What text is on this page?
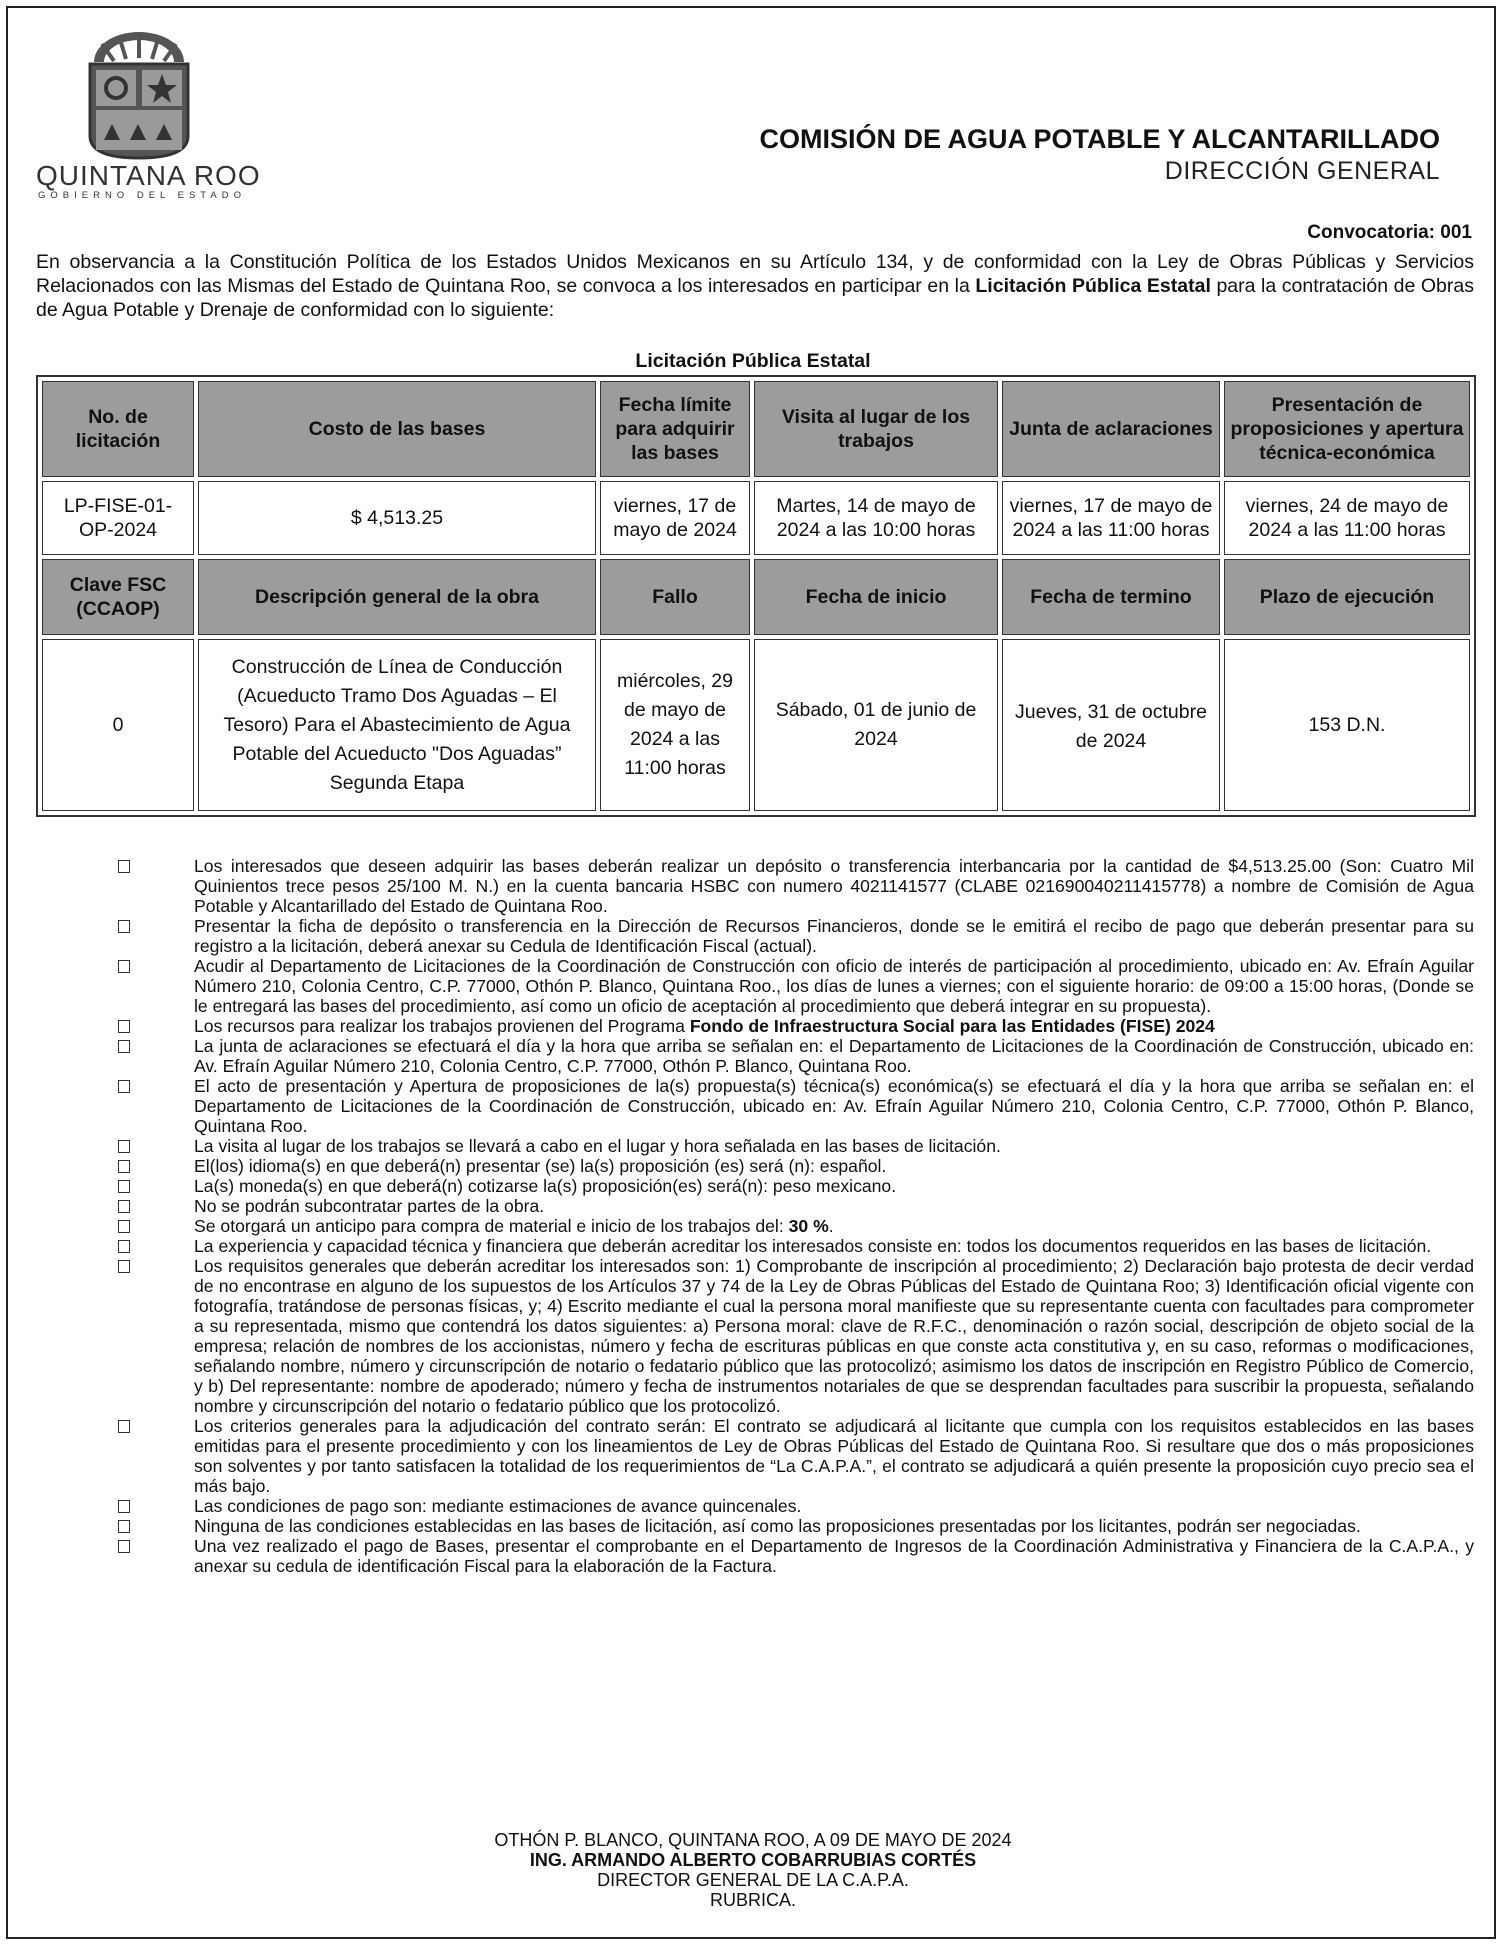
QUINTANA ROO
GOBIERNO DEL ESTADO
COMISIÓN DE AGUA POTABLE Y ALCANTARILLADO
DIRECCIÓN GENERAL
Convocatoria: 001
En observancia a la Constitución Política de los Estados Unidos Mexicanos en su Artículo 134, y de conformidad con la Ley de Obras Públicas y Servicios Relacionados con las Mismas del Estado de Quintana Roo, se convoca a los interesados en participar en la Licitación Pública Estatal para la contratación de Obras de Agua Potable y Drenaje de conformidad con lo siguiente:
Licitación Pública Estatal
No. de licitación	Costo de las bases	Fecha límite para adquirir las bases	Visita al lugar de los trabajos	Junta de aclaraciones	Presentación de proposiciones y apertura técnica-económica
LP-FISE-01-OP-2024	$ 4,513.25	viernes, 17 de mayo de 2024	Martes, 14 de mayo de 2024 a las 10:00 horas	viernes, 17 de mayo de 2024 a las 11:00 horas	viernes, 24 de mayo de 2024 a las 11:00 horas
Clave FSC (CCAOP)	Descripción general de la obra	Fallo	Fecha de inicio	Fecha de termino	Plazo de ejecución
0	Construcción de Línea de Conducción (Acueducto Tramo Dos Aguadas – El Tesoro) Para el Abastecimiento de Agua Potable del Acueducto "Dos Aguadas” Segunda Etapa	miércoles, 29 de mayo de 2024 a las 11:00 horas	Sábado, 01 de junio de 2024	Jueves, 31 de octubre de 2024	153 D.N.
Los interesados que deseen adquirir las bases deberán realizar un depósito o transferencia interbancaria por la cantidad de $4,513.25.00 (Son: Cuatro Mil Quinientos trece pesos 25/100 M. N.) en la cuenta bancaria HSBC con numero 4021141577 (CLABE 021690040211415778) a nombre de Comisión de Agua Potable y Alcantarillado del Estado de Quintana Roo.
Presentar la ficha de depósito o transferencia en la Dirección de Recursos Financieros, donde se le emitirá el recibo de pago que deberán presentar para su registro a la licitación, deberá anexar su Cedula de Identificación Fiscal (actual).
Acudir al Departamento de Licitaciones de la Coordinación de Construcción con oficio de interés de participación al procedimiento, ubicado en: Av. Efraín Aguilar Número 210, Colonia Centro, C.P. 77000, Othón P. Blanco, Quintana Roo., los días de lunes a viernes; con el siguiente horario: de 09:00 a 15:00 horas, (Donde se le entregará las bases del procedimiento, así como un oficio de aceptación al procedimiento que deberá integrar en su propuesta).
Los recursos para realizar los trabajos provienen del Programa Fondo de Infraestructura Social para las Entidades (FISE) 2024
La junta de aclaraciones se efectuará el día y la hora que arriba se señalan en: el Departamento de Licitaciones de la Coordinación de Construcción, ubicado en: Av. Efraín Aguilar Número 210, Colonia Centro, C.P. 77000, Othón P. Blanco, Quintana Roo.
El acto de presentación y Apertura de proposiciones de la(s) propuesta(s) técnica(s) económica(s) se efectuará el día y la hora que arriba se señalan en: el Departamento de Licitaciones de la Coordinación de Construcción, ubicado en: Av. Efraín Aguilar Número 210, Colonia Centro, C.P. 77000, Othón P. Blanco, Quintana Roo.
La visita al lugar de los trabajos se llevará a cabo en el lugar y hora señalada en las bases de licitación.
El(los) idioma(s) en que deberá(n) presentar (se) la(s) proposición (es) será (n): español.
La(s) moneda(s) en que deberá(n) cotizarse la(s) proposición(es) será(n): peso mexicano.
No se podrán subcontratar partes de la obra.
Se otorgará un anticipo para compra de material e inicio de los trabajos del: 30 %.
La experiencia y capacidad técnica y financiera que deberán acreditar los interesados consiste en: todos los documentos requeridos en las bases de licitación.
Los requisitos generales que deberán acreditar los interesados son: 1) Comprobante de inscripción al procedimiento; 2) Declaración bajo protesta de decir verdad de no encontrase en alguno de los supuestos de los Artículos 37 y 74 de la Ley de Obras Públicas del Estado de Quintana Roo; 3) Identificación oficial vigente con fotografía, tratándose de personas físicas, y; 4) Escrito mediante el cual la persona moral manifieste que su representante cuenta con facultades para comprometer a su representada, mismo que contendrá los datos siguientes: a) Persona moral: clave de R.F.C., denominación o razón social, descripción de objeto social de la empresa; relación de nombres de los accionistas, número y fecha de escrituras públicas en que conste acta constitutiva y, en su caso, reformas o modificaciones, señalando nombre, número y circunscripción de notario o fedatario público que las protocolizó; asimismo los datos de inscripción en Registro Público de Comercio, y b) Del representante: nombre de apoderado; número y fecha de instrumentos notariales de que se desprendan facultades para suscribir la propuesta, señalando nombre y circunscripción del notario o fedatario público que los protocolizó.
Los criterios generales para la adjudicación del contrato serán: El contrato se adjudicará al licitante que cumpla con los requisitos establecidos en las bases emitidas para el presente procedimiento y con los lineamientos de Ley de Obras Públicas del Estado de Quintana Roo. Si resultare que dos o más proposiciones son solventes y por tanto satisfacen la totalidad de los requerimientos de “La C.A.P.A.”, el contrato se adjudicará a quién presente la proposición cuyo precio sea el más bajo.
Las condiciones de pago son: mediante estimaciones de avance quincenales.
Ninguna de las condiciones establecidas en las bases de licitación, así como las proposiciones presentadas por los licitantes, podrán ser negociadas.
Una vez realizado el pago de Bases, presentar el comprobante en el Departamento de Ingresos de la Coordinación Administrativa y Financiera de la C.A.P.A., y anexar su cedula de identificación Fiscal para la elaboración de la Factura.
OTHÓN P. BLANCO, QUINTANA ROO, A 09 DE MAYO DE 2024
ING. ARMANDO ALBERTO COBARRUBIAS CORTÉS
DIRECTOR GENERAL DE LA C.A.P.A.
RUBRICA.
